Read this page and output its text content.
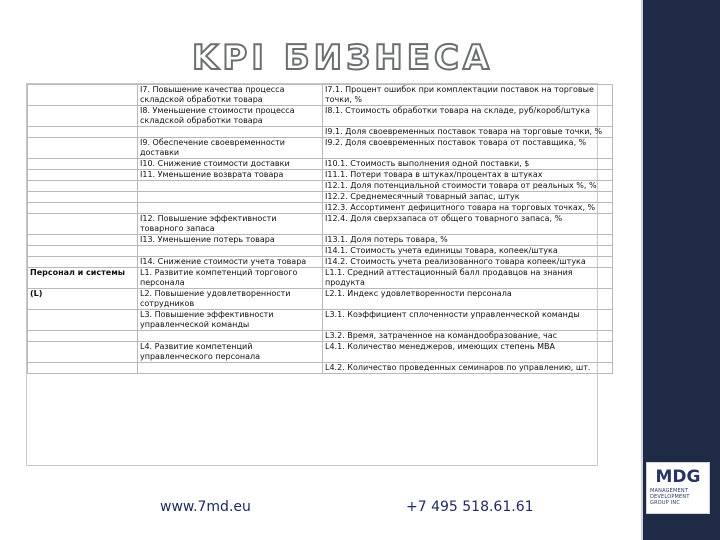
KPI БИЗНЕСА
	I7. Повышение качества процесса складской обработки товара	I7.1. Процент ошибок при комплектации поставок на торговые точки, %
	I8. Уменьшение стоимости процесса складской обработки товара	I8.1. Стоимость обработки товара на складе, руб/короб/штука
		I9.1. Доля своевременных поставок товара на торговые точки, %
	I9. Обеспечение своевременности доставки	I9.2. Доля своевременных поставок товара от поставщика, %
	I10. Снижение стоимости доставки	I10.1. Стоимость выполнения одной поставки, $
	I11. Уменьшение возврата товара	I11.1. Потери товара в штуках/процентах в штуках
		I12.1. Доля потенциальной стоимости товара от реальных %, %
		I12.2. Среднемесячный товарный запас, штук
		I12.3. Ассортимент дефицитного товара на торговых точках, %
	I12. Повышение эффективности товарного запаса	I12.4. Доля сверхзапаса от общего товарного запаса, %
	I13. Уменьшение потерь товара	I13.1. Доля потерь товара, %
		I14.1. Стоимость учета единицы товара, копеек/штука
	I14. Снижение стоимости учета товара	I14.2. Стоимость учета реализованного товара копеек/штука
Персонал и системы	L1. Развитие компетенций торгового персонала	L1.1. Средний аттестационный балл продавцов на знания продукта
(L)	L2. Повышение удовлетворенности сотрудников	L2.1. Индекс удовлетворенности персонала
	L3. Повышение эффективности управленческой команды	L3.1. Коэффициент сплоченности управленческой команды
		L3.2. Время, затраченное на командообразование, час
	L4. Развитие компетенций управленческого персонала	L4.1. Количество менеджеров, имеющих степень MBA
		L4.2. Количество проведенных семинаров по управлению, шт.
www.7md.eu	+7 495 518.61.61
MDG
MANAGEMENT
DEVELOPMENT
GROUP INC
